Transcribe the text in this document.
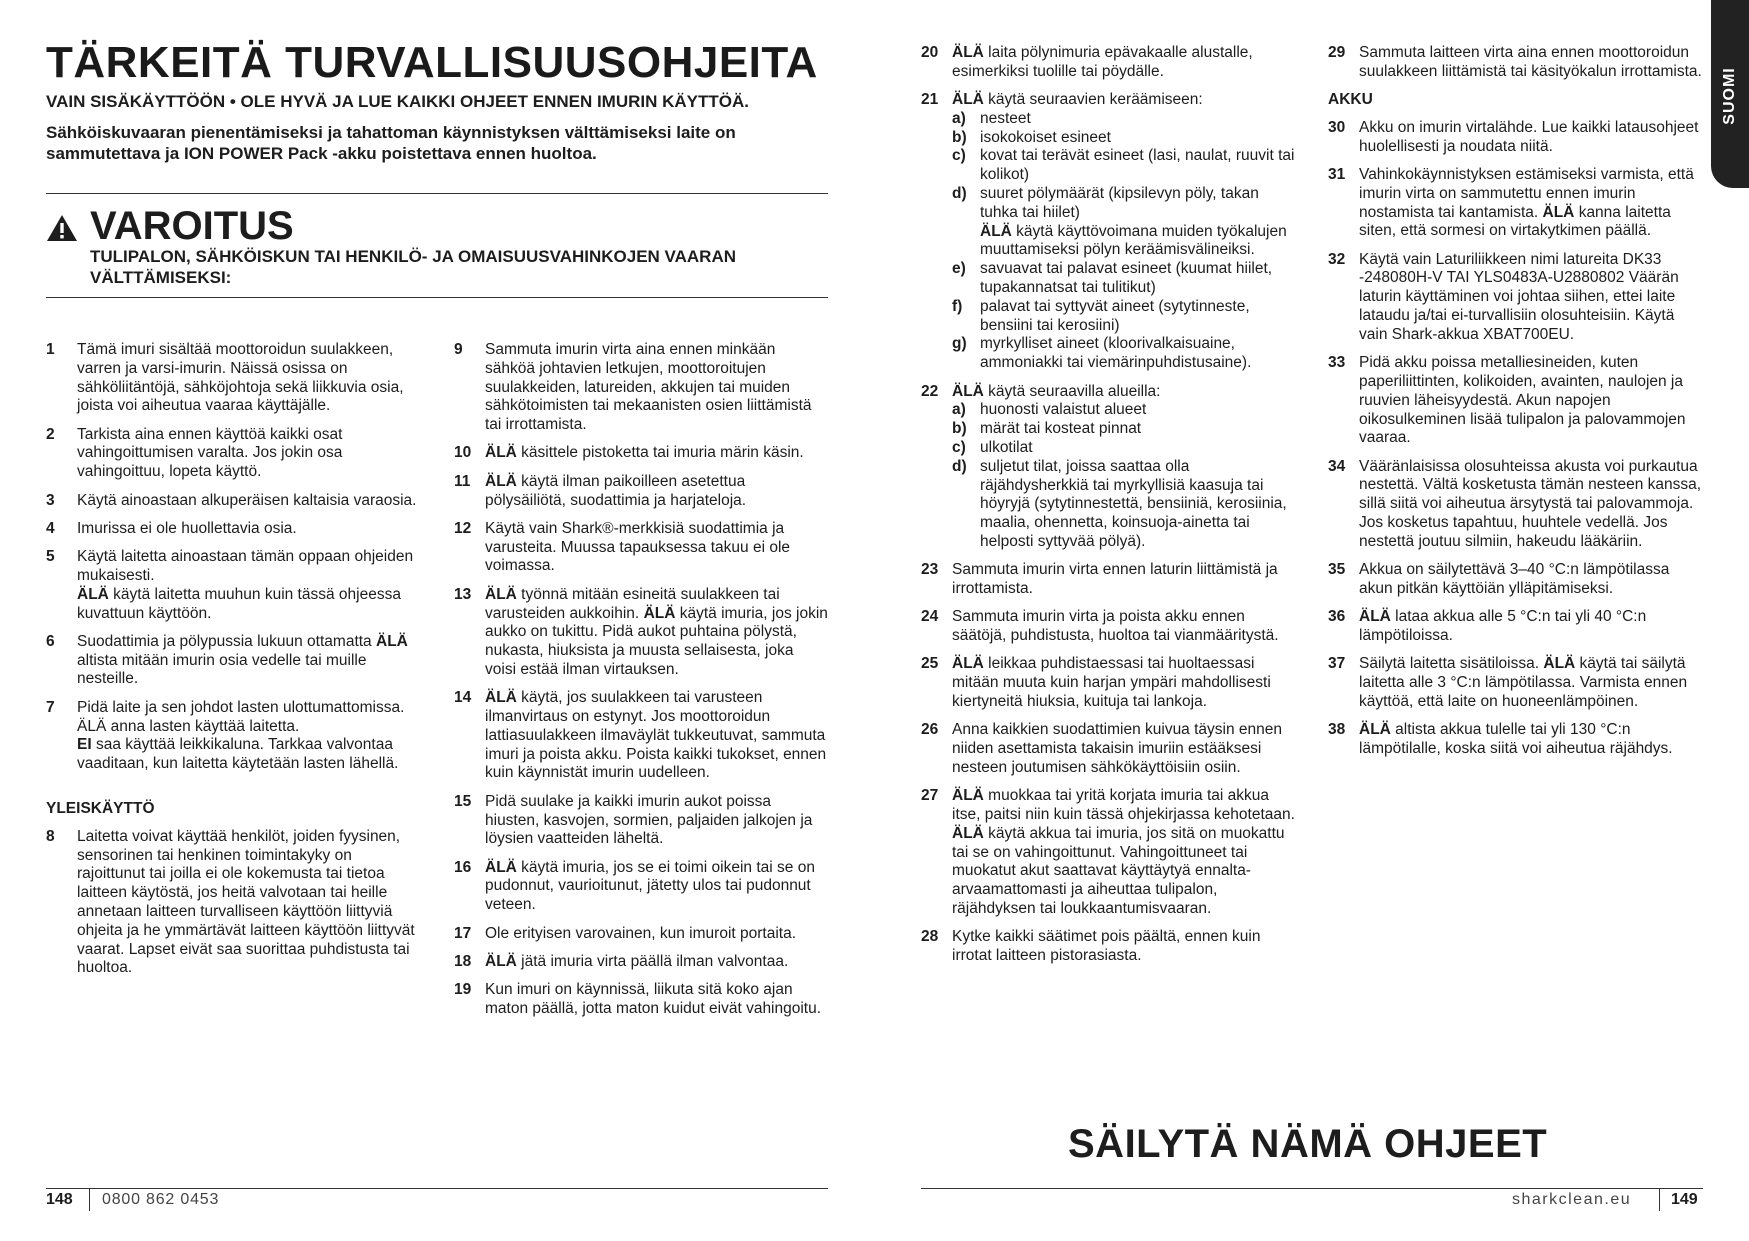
TÄRKEITÄ TURVALLISUUSOHJEITA
VAIN SISÄKÄYTTÖÖN • OLE HYVÄ JA LUE KAIKKI OHJEET ENNEN IMURIN KÄYTTÖÄ.
Sähköiskuvaaran pienentämiseksi ja tahattoman käynnistyksen välttämiseksi laite on sammutettava ja ION POWER Pack -akku poistettava ennen huoltoa.
VAROITUS
TULIPALON, SÄHKÖISKUN TAI HENKILÖ- JA OMAISUUSVAHINKOJEN VAARAN VÄLTTÄMISEKSI:
1 Tämä imuri sisältää moottoroidun suulakkeen, varren ja varsi-imurin. Näissä osissa on sähköliitäntöjä, sähköjohtoja sekä liikkuvia osia, joista voi aiheutua vaaraa käyttäjälle.
2 Tarkista aina ennen käyttöä kaikki osat vahingoittumisen varalta. Jos jokin osa vahingoittuu, lopeta käyttö.
3 Käytä ainoastaan alkuperäisen kaltaisia varaosia.
4 Imurissa ei ole huollettavia osia.
5 Käytä laitetta ainoastaan tämän oppaan ohjeiden mukaisesti.
ÄLÄ käytä laitetta muuhun kuin tässä ohjeessa kuvattuun käyttöön.
6 Suodattimia ja pölypussia lukuun ottamatta ÄLÄ altista mitään imurin osia vedelle tai muille nesteille.
7 Pidä laite ja sen johdot lasten ulottumattomissa. ÄLÄ anna lasten käyttää laitetta.
EI saa käyttää leikkikaluna. Tarkkaa valvontaa vaaditaan, kun laitetta käytetään lasten lähellä.
YLEISKÄYTTÖ
8 Laitetta voivat käyttää henkilöt, joiden fyysinen, sensorinen tai henkinen toimintakyky on rajoittunut tai joilla ei ole kokemusta tai tietoa laitteen käytöstä, jos heitä valvotaan tai heille annetaan laitteen turvalliseen käyttöön liittyviä ohjeita ja he ymmärtävät laitteen käyttöön liittyvät vaarat. Lapset eivät saa suorittaa puhdistusta tai huoltoa.
9 Sammuta imurin virta aina ennen minkään sähköä johtavien letkujen, moottoroitujen suulakkeiden, latureiden, akkujen tai muiden sähkötoimisten tai mekaanisten osien liittämistä tai irrottamista.
10 ÄLÄ käsittele pistoketta tai imuria märin käsin.
11 ÄLÄ käytä ilman paikoilleen asetettua pölysäiliötä, suodattimia ja harjateloja.
12 Käytä vain Shark®-merkkisiä suodattimia ja varusteita. Muussa tapauksessa takuu ei ole voimassa.
13 ÄLÄ työnnä mitään esineitä suulakkeen tai varusteiden aukkoihin. ÄLÄ käytä imuria, jos jokin aukko on tukittu. Pidä aukot puhtaina pölystä, nukasta, hiuksista ja muusta sellaisesta, joka voisi estää ilman virtauksen.
14 ÄLÄ käytä, jos suulakkeen tai varusteen ilmanvirtaus on estynyt. Jos moottoroidun lattiasuulakkeen ilmaväylät tukkeutuvat, sammuta imuri ja poista akku. Poista kaikki tukokset, ennen kuin käynnistät imurin uudelleen.
15 Pidä suulake ja kaikki imurin aukot poissa hiusten, kasvojen, sormien, paljaiden jalkojen ja löysien vaatteiden läheltä.
16 ÄLÄ käytä imuria, jos se ei toimi oikein tai se on pudonnut, vaurioitunut, jätetty ulos tai pudonnut veteen.
17 Ole erityisen varovainen, kun imuroit portaita.
18 ÄLÄ jätä imuria virta päällä ilman valvontaa.
19 Kun imuri on käynnissä, liikuta sitä koko ajan maton päällä, jotta maton kuidut eivät vahingoitu.
20 ÄLÄ laita pölynimuria epävakaalle alustalle, esimerkiksi tuolille tai pöydälle.
21 ÄLÄ käytä seuraavien keräämiseen:
a) nesteet
b) isokokoiset esineet
c) kovat tai terävät esineet (lasi, naulat, ruuvit tai kolikot)
d) suuret pölymäärät (kipsilevyn pöly, takan tuhka tai hiilet)
ÄLÄ käytä käyttövoimana muiden työkalujen muuttamiseksi pölyn keräämisvälineiksi.
e) savuavat tai palavat esineet (kuumat hiilet, tupakannatsat tai tulitikut)
f) palavat tai syttyvät aineet (sytytinneste, bensiini tai kerosiini)
g) myrkylliset aineet (kloorivalkaisuaine, ammoniakki tai viemärinpuhdistusaine).
22 ÄLÄ käytä seuraavilla alueilla:
a) huonosti valaistut alueet
b) märät tai kosteat pinnat
c) ulkotilat
d) suljetut tilat, joissa saattaa olla räjähdysherkkiä tai myrkyllisiä kaasuja tai höyryjä (sytytinnestettä, bensiiniä, kerosiinia, maalia, ohennetta, koinsuoja-ainetta tai helposti syttyvää pölyä).
23 Sammuta imurin virta ennen laturin liittämistä ja irrottamista.
24 Sammuta imurin virta ja poista akku ennen säätöjä, puhdistusta, huoltoa tai vianmääritystä.
25 ÄLÄ leikkaa puhdistaessasi tai huoltaessasi mitään muuta kuin harjan ympäri mahdollisesti kiertyneitä hiuksia, kuituja tai lankoja.
26 Anna kaikkien suodattimien kuivua täysin ennen niiden asettamista takaisin imuriin estääksesi nesteen joutumisen sähkökäyttöisiin osiin.
27 ÄLÄ muokkaa tai yritä korjata imuria tai akkua itse, paitsi niin kuin tässä ohjekirjassa kehotetaan. ÄLÄ käytä akkua tai imuria, jos sitä on muokattu tai se on vahingoittunut. Vahingoittuneet tai muokatut akut saattavat käyttäytyä ennalta-arvaamattomasti ja aiheuttaa tulipalon, räjähdyksen tai loukkaantumisvaaran.
28 Kytke kaikki säätimet pois päältä, ennen kuin irrotat laitteen pistorasiasta.
29 Sammuta laitteen virta aina ennen moottoroidun suulakkeen liittämistä tai käsityökalun irrottamista.
AKKU
30 Akku on imurin virtalähde. Lue kaikki latausohjeet huolellisesti ja noudata niitä.
31 Vahinkokäynnistyksen estämiseksi varmista, että imurin virta on sammutettu ennen imurin nostamista tai kantamista. ÄLÄ kanna laitetta siten, että sormesi on virtakytkimen päällä.
32 Käytä vain Laturiliikkeen nimi latureita DK33 -248080H-V TAI YLS0483A-U2880802 Väärän laturin käyttäminen voi johtaa siihen, ettei laite lataudu ja/tai ei-turvallisiin olosuhteisiin. Käytä vain Shark-akkua XBAT700EU.
33 Pidä akku poissa metalliesineiden, kuten paperiliittinten, kolikoiden, avainten, naulojen ja ruuvien läheisyydestä. Akun napojen oikosulkeminen lisää tulipalon ja palovammojen vaaraa.
34 Vääränlaisissa olosuhteissa akusta voi purkautua nestettä. Vältä kosketusta tämän nesteen kanssa, sillä siitä voi aiheutua ärsytystä tai palovammoja. Jos kosketus tapahtuu, huuhtele vedellä. Jos nestettä joutuu silmiin, hakeudu lääkäriin.
35 Akkua on säilytettävä 3–40 °C:n lämpötilassa akun pitkän käyttöiän ylläpitämiseksi.
36 ÄLÄ lataa akkua alle 5 °C:n tai yli 40 °C:n lämpötiloissa.
37 Säilytä laitetta sisätiloissa. ÄLÄ käytä tai säilytä laitetta alle 3 °C:n lämpötilassa. Varmista ennen käyttöä, että laite on huoneenlämpöinen.
38 ÄLÄ altista akkua tulelle tai yli 130 °C:n lämpötilalle, koska siitä voi aiheutua räjähdys.
SUOMI
SÄILYTÄ NÄMÄ OHJEET
148 0800 862 0453	sharkclean.eu 149
